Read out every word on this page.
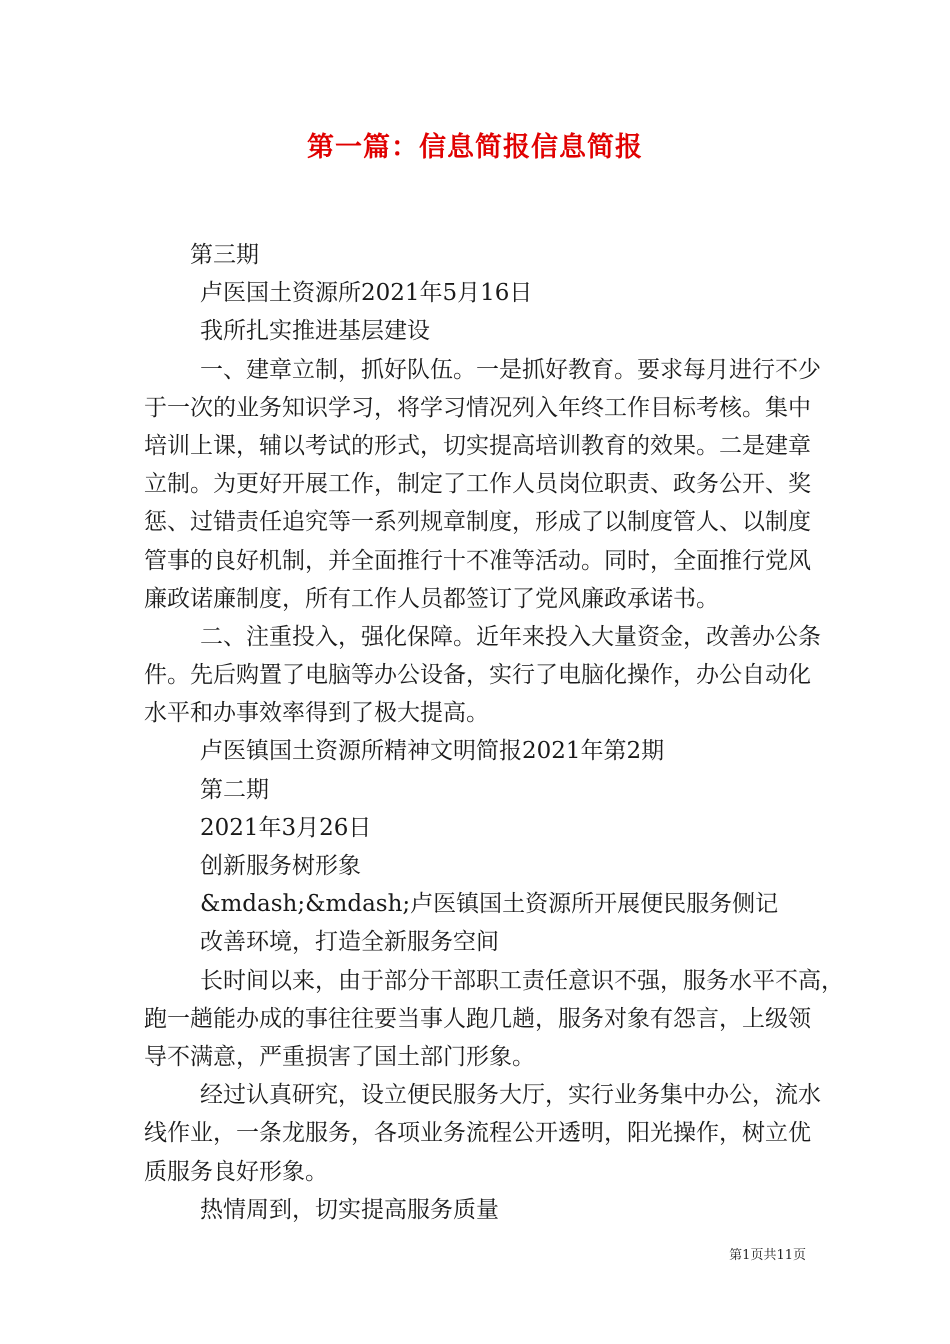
第一篇：信息简报信息简报
第三期
卢医国土资源所2021年5月16日
我所扎实推进基层建设
一、建章立制，抓好队伍。一是抓好教育。要求每月进行不少
于一次的业务知识学习，将学习情况列入年终工作目标考核。集中
培训上课，辅以考试的形式，切实提高培训教育的效果。二是建章
立制。为更好开展工作，制定了工作人员岗位职责、政务公开、奖
惩、过错责任追究等一系列规章制度，形成了以制度管人、以制度
管事的良好机制，并全面推行十不准等活动。同时，全面推行党风
廉政诺廉制度，所有工作人员都签订了党风廉政承诺书。
二、注重投入，强化保障。近年来投入大量资金，改善办公条
件。先后购置了电脑等办公设备，实行了电脑化操作，办公自动化
水平和办事效率得到了极大提高。
卢医镇国土资源所精神文明简报2021年第2期
第二期
2021年3月26日
创新服务树形象
&mdash;&mdash;卢医镇国土资源所开展便民服务侧记
改善环境，打造全新服务空间
长时间以来，由于部分干部职工责任意识不强，服务水平不高，
跑一趟能办成的事往往要当事人跑几趟，服务对象有怨言，上级领
导不满意，严重损害了国土部门形象。
经过认真研究，设立便民服务大厅，实行业务集中办公，流水
线作业，一条龙服务，各项业务流程公开透明，阳光操作，树立优
质服务良好形象。
热情周到，切实提高服务质量
第1页共11页
